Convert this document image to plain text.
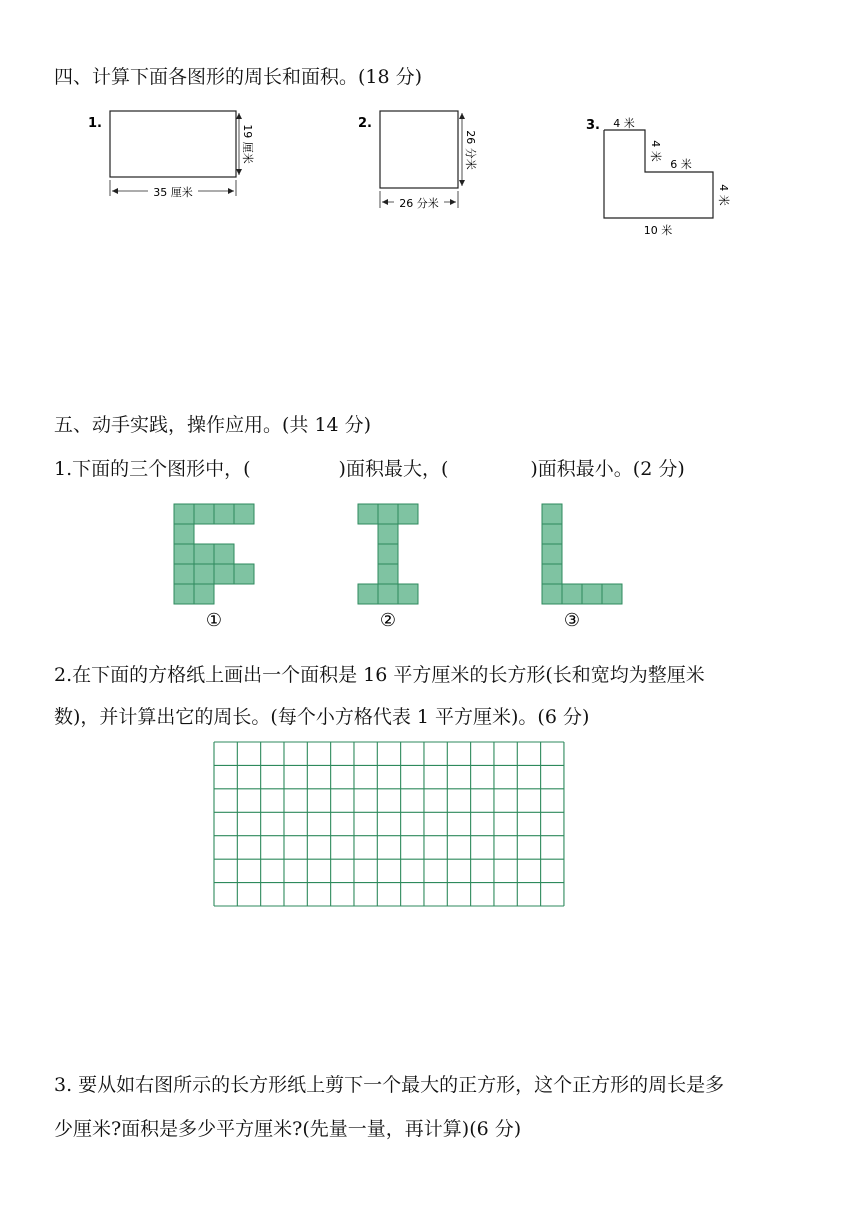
四、计算下面各图形的周长和面积。(18 分)
1.
35 厘米
19 厘米
2.
26 分米
26 分米
3. 4 米
4 米
6 米
4 米
10 米
五、动手实践，操作应用。(共 14 分)
1.下面的三个图形中，(	)面积最大，(	)面积最小。(2 分)
①	②	③
2.在下面的方格纸上画出一个面积是 16 平方厘米的长方形(长和宽均为整厘米
数)，并计算出它的周长。(每个小方格代表 1 平方厘米)。(6 分)
3. 要从如右图所示的长方形纸上剪下一个最大的正方形，这个正方形的周长是多
少厘米?面积是多少平方厘米?(先量一量，再计算)(6 分)
